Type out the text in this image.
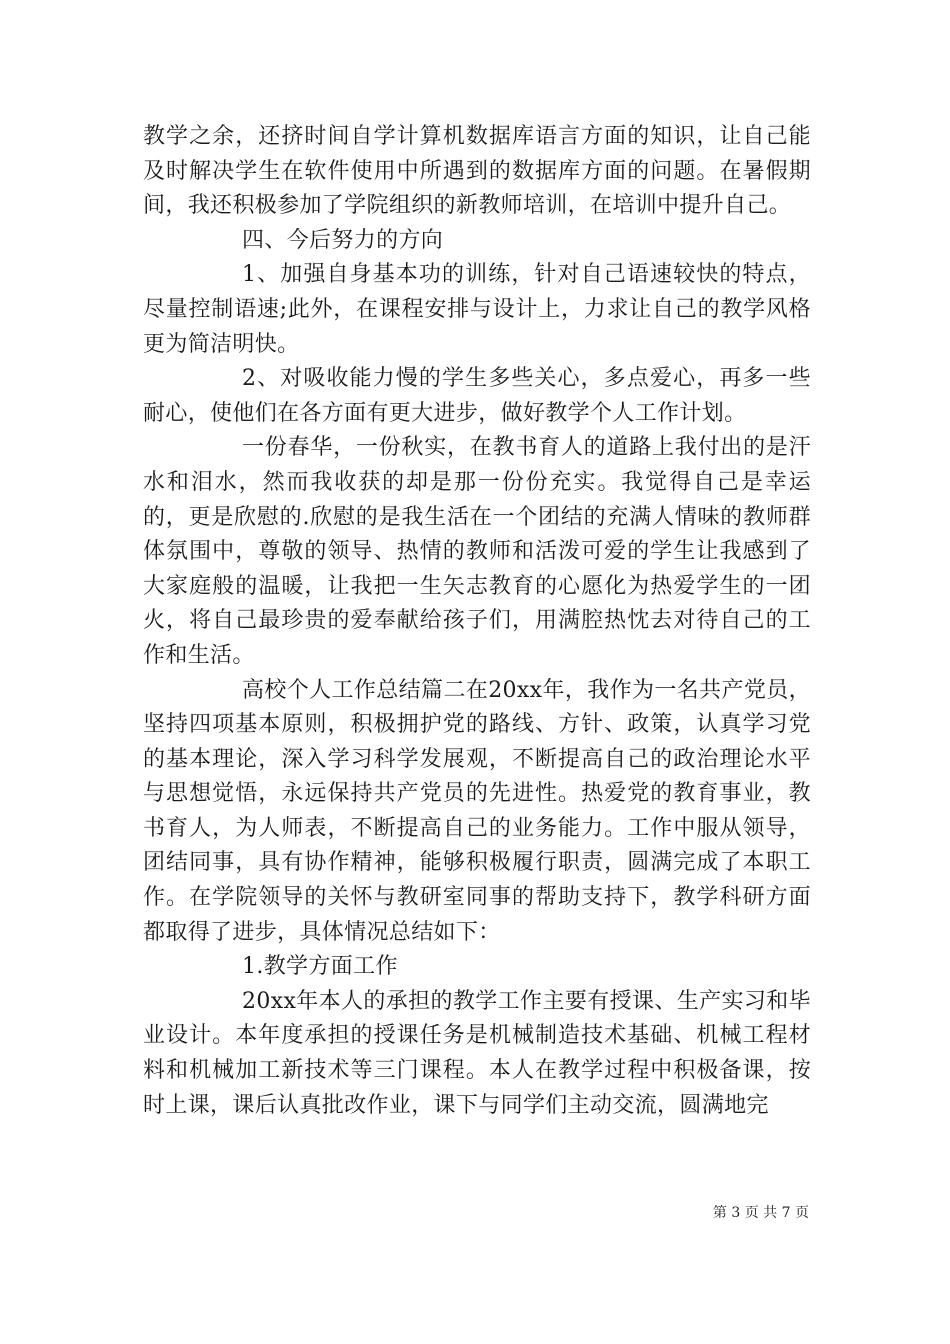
教学之余，还挤时间自学计算机数据库语言方面的知识，让自己能及时解决学生在软件使用中所遇到的数据库方面的问题。在暑假期间，我还积极参加了学院组织的新教师培训，在培训中提升自己。

四、今后努力的方向

1、加强自身基本功的训练，针对自己语速较快的特点，尽量控制语速;此外，在课程安排与设计上，力求让自己的教学风格更为简洁明快。

2、对吸收能力慢的学生多些关心，多点爱心，再多一些耐心，使他们在各方面有更大进步，做好教学个人工作计划。

一份春华，一份秋实，在教书育人的道路上我付出的是汗水和泪水，然而我收获的却是那一份份充实。我觉得自己是幸运的，更是欣慰的.欣慰的是我生活在一个团结的充满人情味的教师群体氛围中，尊敬的领导、热情的教师和活泼可爱的学生让我感到了大家庭般的温暖，让我把一生矢志教育的心愿化为热爱学生的一团火，将自己最珍贵的爱奉献给孩子们，用满腔热忱去对待自己的工作和生活。

高校个人工作总结篇二在20xx年，我作为一名共产党员，坚持四项基本原则，积极拥护党的路线、方针、政策，认真学习党的基本理论，深入学习科学发展观，不断提高自己的政治理论水平与思想觉悟，永远保持共产党员的先进性。热爱党的教育事业，教书育人，为人师表，不断提高自己的业务能力。工作中服从领导，团结同事，具有协作精神，能够积极履行职责，圆满完成了本职工作。在学院领导的关怀与教研室同事的帮助支持下，教学科研方面都取得了进步，具体情况总结如下：

1.教学方面工作

20xx年本人的承担的教学工作主要有授课、生产实习和毕业设计。本年度承担的授课任务是机械制造技术基础、机械工程材料和机械加工新技术等三门课程。本人在教学过程中积极备课，按时上课，课后认真批改作业，课下与同学们主动交流，圆满地完

第 3 页 共 7 页
